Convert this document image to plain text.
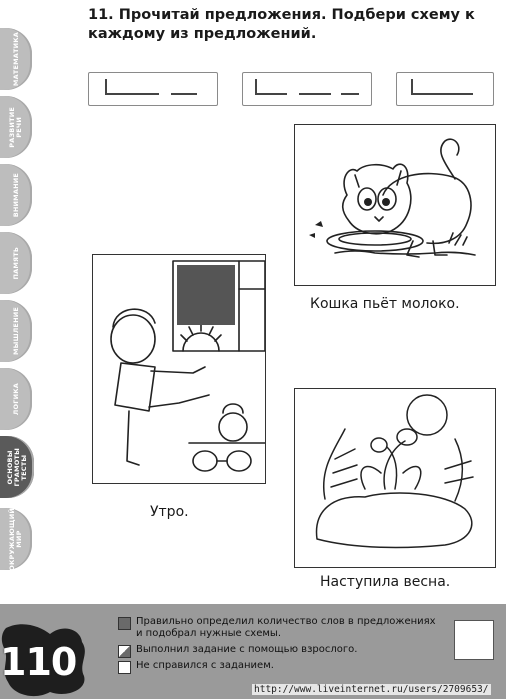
МАТЕМАТИКА
РАЗВИТИЕ
РЕЧИ
ВНИМАНИЕ
ПАМЯТЬ
МЫШЛЕНИЕ
ЛОГИКА
ОСНОВЫ
ГРАМОТЫ
ТЕСТЫ
ОКРУЖАЮЩИЙ
МИР
11. Прочитай предложения. Подбери схему к каждому из предложений.
Кошка пьёт молоко.
Утро.
Наступила весна.
110
Правильно определил количество слов в предложениях и подобрал нужные схемы.
Выполнил задание с помощью взрослого.
Не справился с заданием.
http://www.liveinternet.ru/users/2709653/
